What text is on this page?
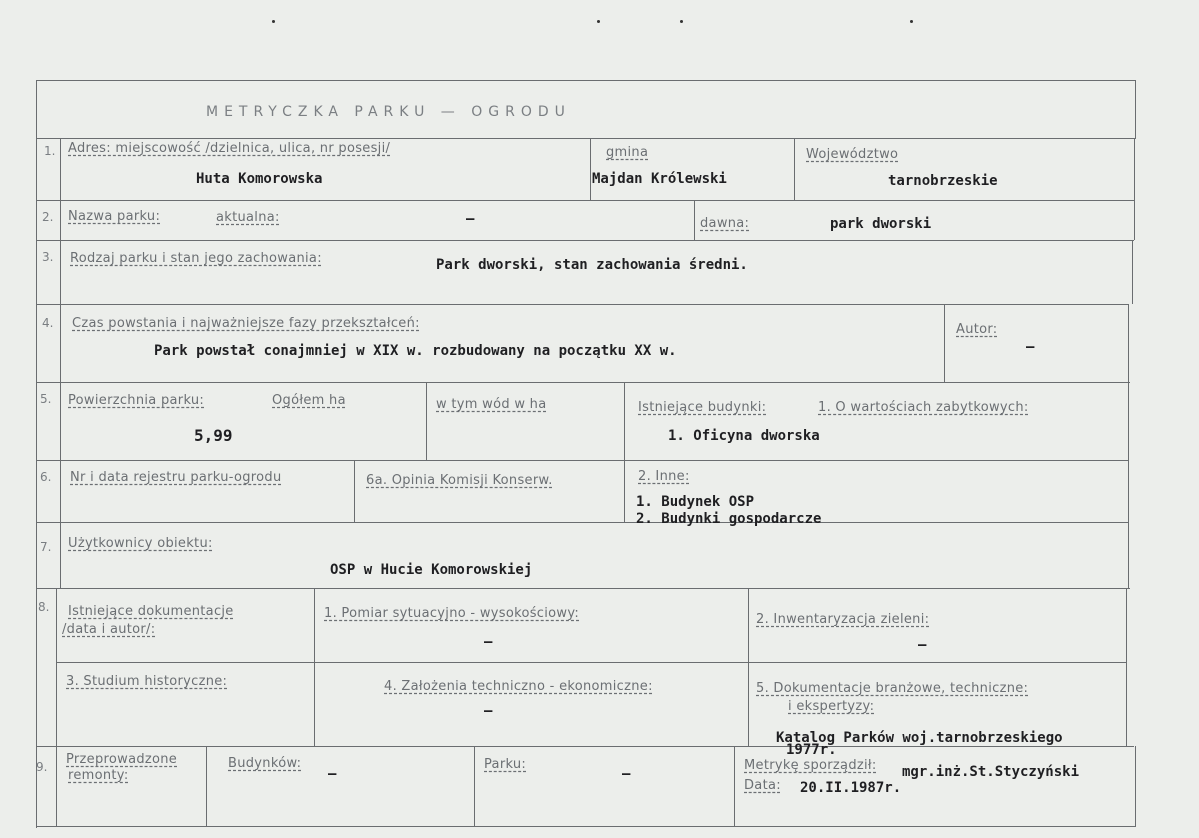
METRYCZKA PARKU — OGRODU
1. Adres: miejscowość /dzielnica, ulica, nr posesji/
Huta Komorowska
gmina
Majdan Królewski
Województwo
tarnobrzeskie
2. Nazwa parku:	aktualna:	–	dawna:	park dworski
3. Rodzaj parku i stan jego zachowania:	Park dworski, stan zachowania średni.
4. Czas powstania i najważniejsze fazy przekształceń:
Park powstał conajmniej w XIX w. rozbudowany na początku XX w.
Autor:
–
5. Powierzchnia parku:	Ogółem ha
5,99
w tym wód w ha	Istniejące budynki:	1. O wartościach zabytkowych:
1. Oficyna dworska
6. Nr i data rejestru parku-ogrodu	6a. Opinia Komisji Konserw.	2. Inne:
1. Budynek OSP
2. Budynki gospodarcze
7. Użytkownicy obiektu:
OSP w Hucie Komorowskiej
8. Istniejące dokumentacje
/data i autor/:
1. Pomiar sytuacyjno - wysokościowy:
–
2. Inwentaryzacja zieleni:
–
3. Studium historyczne:	4. Założenia techniczno - ekonomiczne:
–
5. Dokumentacje branżowe, techniczne:
i ekspertyzy:
Katalog Parków woj.tarnobrzeskiego
1977r.
9. Przeprowadzone
remonty:
Budynków:
–
Parku:
–
Metrykę sporządził: mgr.inż.St.Styczyński
Data: 20.II.1987r.
